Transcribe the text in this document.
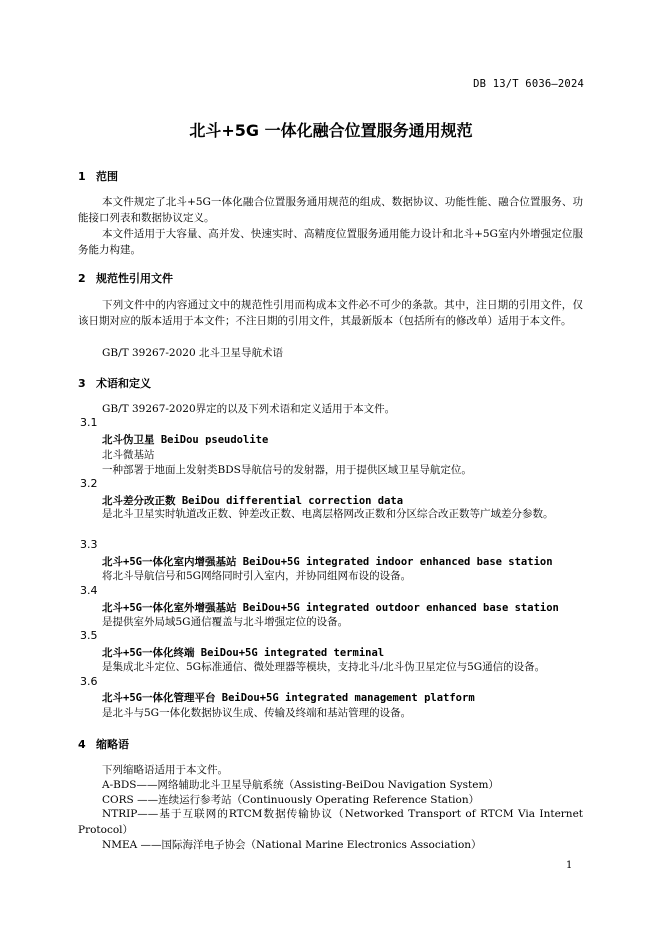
DB 13/T 6036—2024
北斗+5G 一体化融合位置服务通用规范
1 范围
本文件规定了北斗+5G一体化融合位置服务通用规范的组成、数据协议、功能性能、融合位置服务、功能接口列表和数据协议定义。
本文件适用于大容量、高并发、快速实时、高精度位置服务通用能力设计和北斗+5G室内外增强定位服务能力构建。
2 规范性引用文件
下列文件中的内容通过文中的规范性引用而构成本文件必不可少的条款。其中，注日期的引用文件，仅该日期对应的版本适用于本文件；不注日期的引用文件，其最新版本（包括所有的修改单）适用于本文件。
GB/T 39267-2020 北斗卫星导航术语
3 术语和定义
GB/T 39267-2020界定的以及下列术语和定义适用于本文件。
3.1
北斗伪卫星 BeiDou pseudolite
北斗微基站
一种部署于地面上发射类BDS导航信号的发射器，用于提供区域卫星导航定位。
3.2
北斗差分改正数 BeiDou differential correction data
是北斗卫星实时轨道改正数、钟差改正数、电离层格网改正数和分区综合改正数等广域差分参数。
3.3
北斗+5G一体化室内增强基站 BeiDou+5G integrated indoor enhanced base station
将北斗导航信号和5G网络同时引入室内，并协同组网布设的设备。
3.4
北斗+5G一体化室外增强基站 BeiDou+5G integrated outdoor enhanced base station
是提供室外局域5G通信覆盖与北斗增强定位的设备。
3.5
北斗+5G一体化终端 BeiDou+5G integrated terminal
是集成北斗定位、5G标准通信、微处理器等模块，支持北斗/北斗伪卫星定位与5G通信的设备。
3.6
北斗+5G一体化管理平台 BeiDou+5G integrated management platform
是北斗与5G一体化数据协议生成、传输及终端和基站管理的设备。
4 缩略语
下列缩略语适用于本文件。
A-BDS——网络辅助北斗卫星导航系统（Assisting-BeiDou Navigation System）
CORS ——连续运行参考站（Continuously Operating Reference Station）
NTRIP——基于互联网的RTCM数据传输协议（Networked Transport of RTCM Via Internet Protocol）
NMEA ——国际海洋电子协会（National Marine Electronics Association）
1
